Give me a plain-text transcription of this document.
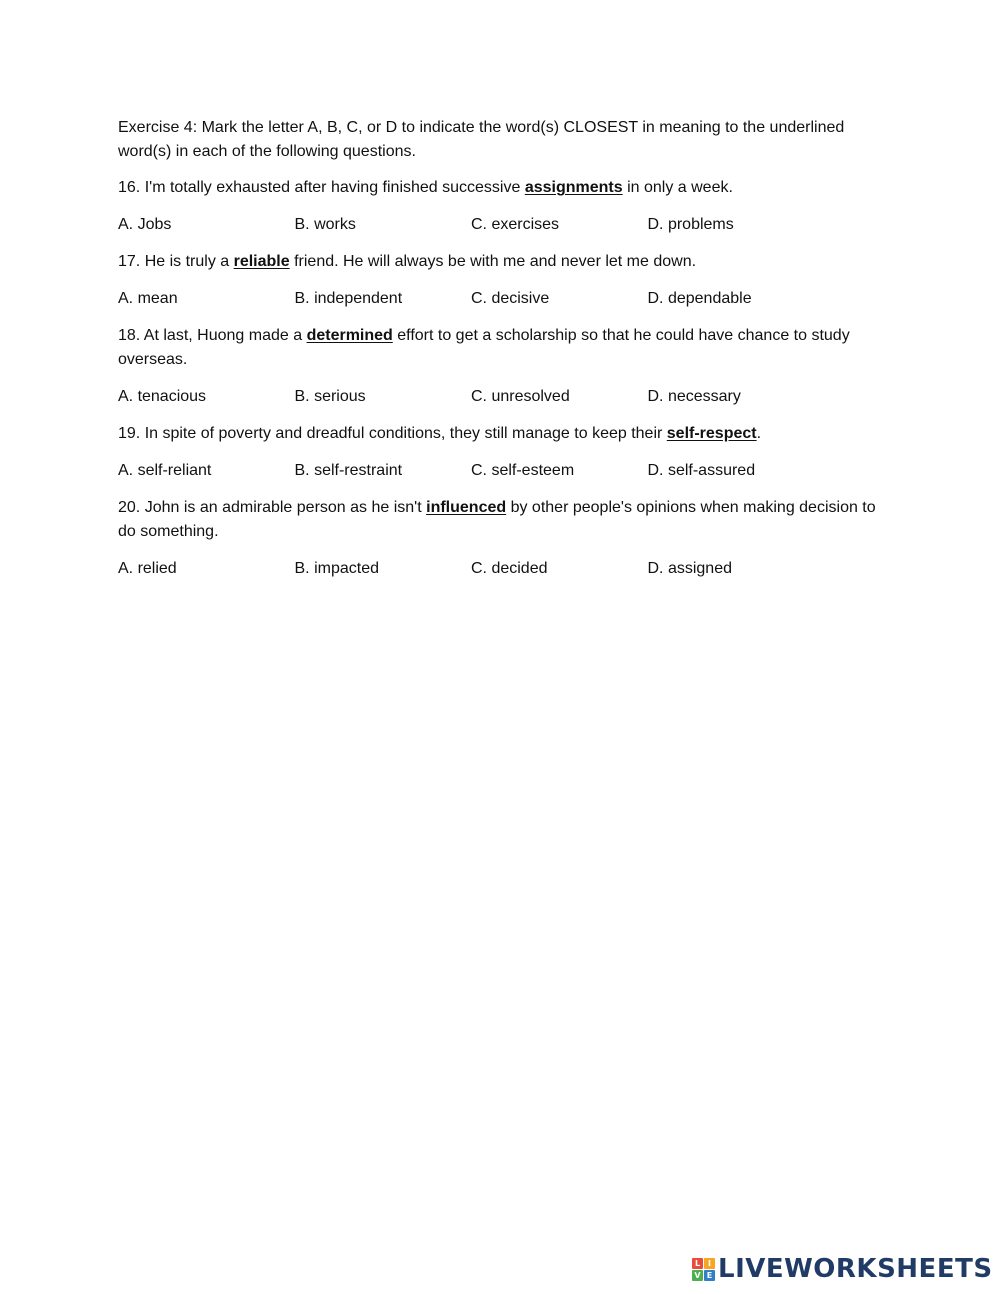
Exercise 4: Mark the letter A, B, C, or D to indicate the word(s) CLOSEST in meaning to the underlined word(s) in each of the following questions.

16. I'm totally exhausted after having finished successive assignments in only a week.

A. Jobs	B. works	C. exercises	D. problems

17. He is truly a reliable friend. He will always be with me and never let me down.

A. mean	B. independent	C. decisive	D. dependable

18. At last, Huong made a determined effort to get a scholarship so that he could have chance to study overseas.

A. tenacious	B. serious	C. unresolved	D. necessary

19. In spite of poverty and dreadful conditions, they still manage to keep their self-respect.

A. self-reliant	B. self-restraint	C. self-esteem	D. self-assured

20. John is an admirable person as he isn't influenced by other people's opinions when making decision to do something.

A. relied	B. impacted	C. decided	D. assigned
L I
V E LIVEWORKSHEETS
